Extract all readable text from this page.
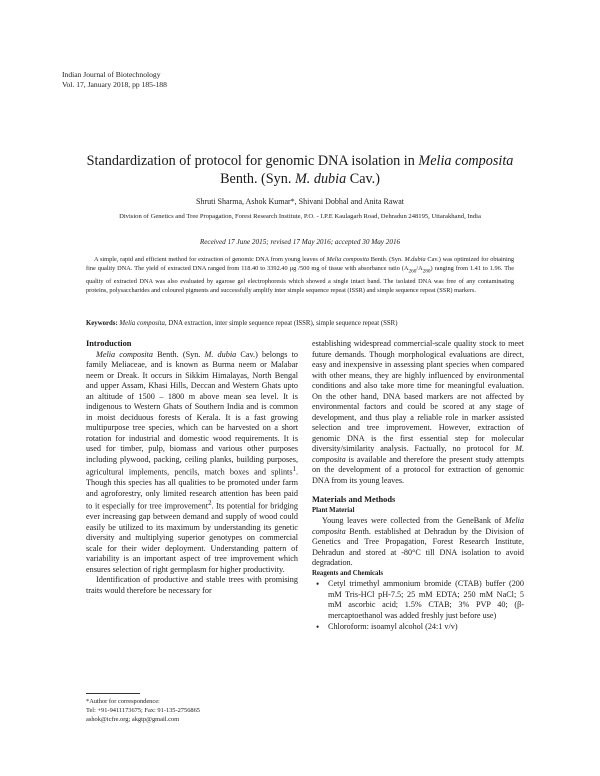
Indian Journal of Biotechnology
Vol. 17, January 2018, pp 185-188
Standardization of protocol for genomic DNA isolation in Melia composita
Benth. (Syn. M. dubia Cav.)
Shruti Sharma, Ashok Kumar*, Shivani Dobhal and Anita Rawat
Division of Genetics and Tree Propagation, Forest Research Institute, P.O. - I.P.E Kaulagarh Road, Dehradun 248195, Uttarakhand, India
Received 17 June 2015; revised 17 May 2016; accepted 30 May 2016
A simple, rapid and efficient method for extraction of genomic DNA from young leaves of Melia composita Benth. (Syn. M.dubia Cav.) was optimized for obtaining fine quality DNA. The yield of extracted DNA ranged from 118.40 to 3392.40 µg /500 mg of tissue with absorbance ratio $(A_{260}/A_{280})$ ranging from 1.41 to 1.96. The quality of extracted DNA was also evaluated by agarose gel electrophoresis which showed a single intact band. The isolated DNA was free of any contaminating proteins, polysaccharides and coloured pigments and successfully amplify inter simple sequence repeat (ISSR) and simple sequence repeat (SSR) markers.
Keywords: Melia composita, DNA extraction, inter simple sequence repeat (ISSR), simple sequence repeat (SSR)

Introduction

Melia composita Benth. (Syn. M. dubia Cav.) belongs to family Meliaceae, and is known as Burma neem or Malabar neem or Dreak. It occurs in Sikkim Himalayas, North Bengal and upper Assam, Khasi Hills, Deccan and Western Ghats upto an altitude of 1500 – 1800 m above mean sea level. It is indigenous to Western Ghats of Southern India and is common in moist deciduous forests of Kerala. It is a fast growing multipurpose tree species, which can be harvested on a short rotation for industrial and domestic wood requirements. It is used for timber, pulp, biomass and various other purposes including plywood, packing, ceiling planks, building purposes, agricultural implements, pencils, match boxes and splints$^1$. Though this species has all qualities to be promoted under farm and agroforestry, only limited research attention has been paid to it especially for tree improvement$^2$. Its potential for bridging ever increasing gap between demand and supply of wood could easily be utilized to its maximum by understanding its genetic diversity and multiplying superior genotypes on commercial scale for their wider deployment. Understanding pattern of variability is an important aspect of tree improvement which ensures selection of right germplasm for higher productivity.

Identification of productive and stable trees with promising traits would therefore be necessary for

establishing widespread commercial-scale quality stock to meet future demands. Though morphological evaluations are direct, easy and inexpensive in assessing plant species when compared with other means, they are highly influenced by environmental conditions and also take more time for meaningful evaluation. On the other hand, DNA based markers are not affected by environmental factors and could be scored at any stage of development, and thus play a reliable role in marker assisted selection and tree improvement. However, extraction of genomic DNA is the first essential step for molecular diversity/similarity analysis. Factually, no protocol for M. composita is available and therefore the present study attempts on the development of a protocol for extraction of genomic DNA from its young leaves.

Materials and Methods

Plant Material

Young leaves were collected from the GeneBank of Melia composita Benth. established at Dehradun by the Division of Genetics and Tree Propagation, Forest Research Institute, Dehradun and stored at -80°C till DNA isolation to avoid degradation.

Reagents and Chemicals

• Cetyl trimethyl ammonium bromide (CTAB) buffer (200 mM Tris-HCl pH-7.5; 25 mM EDTA; 250 mM NaCl; 5 mM ascorbic acid; 1.5% CTAB; 3% PVP 40; (β-mercaptoethanol was added freshly just before use)
• Chloroform: isoamyl alcohol (24:1 v/v)
*Author for correspondence:
Tel: +91-9411173675; Fax: 91-135-2756865
ashok@icfre.org; akgtp@gmail.com
